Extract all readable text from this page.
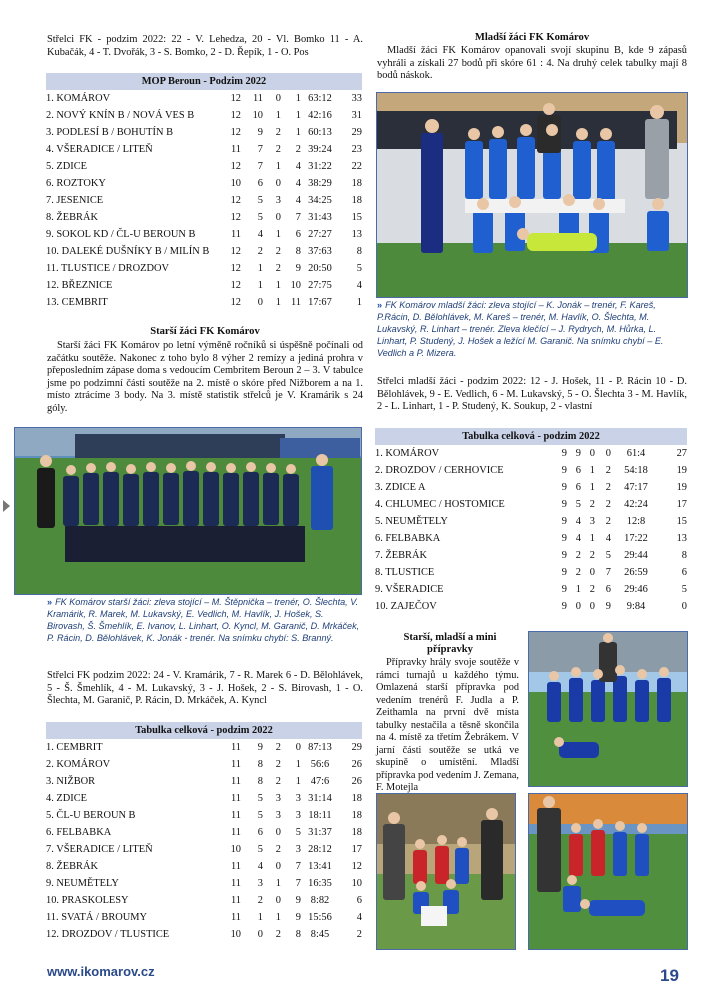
Střelci FK - podzim 2022: 22 - V. Lehedza, 20 - Vl. Bomko 11 - A. Kubačák, 4 - T. Dvořák, 3 - S. Bomko, 2 - D. Řepík, 1 - O. Pos
MOP Beroun - Podzim 2022						
1. KOMÁROV	12	11	0	1	63:12	33
2. NOVÝ KNÍN B / NOVÁ VES B	12	10	1	1	42:16	31
3. PODLESÍ B / BOHUTÍN B	12	9	2	1	60:13	29
4. VŠERADICE / LITEŇ	11	7	2	2	39:24	23
5. ZDICE	12	7	1	4	31:22	22
6. ROZTOKY	10	6	0	4	38:29	18
7. JESENICE	12	5	3	4	34:25	18
8. ŽEBRÁK	12	5	0	7	31:43	15
9. SOKOL KD / ČL-U BEROUN B	11	4	1	6	27:27	13
10. DALEKÉ DUŠNÍKY B / MILÍN B	12	2	2	8	37:63	8
11. TLUSTICE / DROZDOV	12	1	2	9	20:50	5
12. BŘEZNICE	12	1	1	10	27:75	4
13. CEMBRIT	12	0	1	11	17:67	1
Starší žáci FK Komárov
Starší žáci FK Komárov po letní výměně ročníků si úspěšně počínali od začátku soutěže. Nakonec z toho bylo 8 výher 2 remízy a jediná prohra v přeposledním zápase doma s vedoucím Cembritem Beroun 2 – 3. V tabulce jsme po podzimní části soutěže na 2. místě o skóre před Nižborem a na 1. místo ztrácíme 3 body. Na 3. místě statistik střelců je V. Kramárik s 24 góly.
» FK Komárov starší žáci: zleva stojící – M. Štěpnička – trenér, O. Šlechta, V. Kramárik, R. Marek, M. Lukavský, E. Vedlich, M. Havlík, J. Hošek, S. Birovash, Š. Šmehlík, E. Ivanov, L. Linhart, O. Kyncl, M. Garanič, D. Mrkáček, P. Rácin, D. Bělohlávek, K. Jonák - trenér. Na snímku chybí: S. Branný.
Střelci FK podzim 2022: 24 - V. Kramárik, 7 - R. Marek 6 - D. Bělohlávek, 5 - Š. Šmehlík, 4 - M. Lukavský, 3 - J. Hošek, 2 - S. Birovash, 1 - O. Šlechta, M. Garanič, P. Rácin, D. Mrkáček, A. Kyncl
Tabulka celková - podzim 2022						
1. CEMBRIT	11	9	2	0	87:13	29
2. KOMÁROV	11	8	2	1	56:6	26
3. NIŽBOR	11	8	2	1	47:6	26
4. ZDICE	11	5	3	3	31:14	18
5. ČL-U BEROUN B	11	5	3	3	18:11	18
6. FELBABKA	11	6	0	5	31:37	18
7. VŠERADICE / LITEŇ	10	5	2	3	28:12	17
8. ŽEBRÁK	11	4	0	7	13:41	12
9. NEUMĚTELY	11	3	1	7	16:35	10
10. PRASKOLESY	11	2	0	9	8:82	6
11. SVATÁ / BROUMY	11	1	1	9	15:56	4
12. DROZDOV / TLUSTICE	10	0	2	8	8:45	2
Mladší žáci FK Komárov
Mladší žáci FK Komárov opanovali svojí skupinu B, kde 9 zápasů vyhráli a získali 27 bodů při skóre 61 : 4. Na druhý celek tabulky mají 8 bodů náskok.
» FK Komárov mladší žáci: zleva stojící – K. Jonák – trenér, F. Kareš, P.Rácin, D. Bělohlávek, M. Kareš – trenér, M. Havlík, O. Šlechta, M. Lukavský, R. Linhart – trenér. Zleva klečící – J. Rydrych, M. Hůrka, L. Linhart, P. Studený, J. Hošek a ležící M. Garanič. Na snímku chybí – E. Vedlich a P. Mizera.
Střelci mladší žáci - podzim 2022: 12 - J. Hošek, 11 - P. Rácin 10 - D. Bělohlávek, 9 - E. Vedlich, 6 - M. Lukavský, 5 - O. Šlechta 3 - M. Havlík, 2 - L. Linhart, 1 - P. Studený, K. Soukup, 2 - vlastní
Tabulka celková - podzim 2022						
1. KOMÁROV	9	9	0	0	61:4	27
2. DROZDOV / CERHOVICE	9	6	1	2	54:18	19
3. ZDICE A	9	6	1	2	47:17	19
4. CHLUMEC / HOSTOMICE	9	5	2	2	42:24	17
5. NEUMĚTELY	9	4	3	2	12:8	15
6. FELBABKA	9	4	1	4	17:22	13
7. ŽEBRÁK	9	2	2	5	29:44	8
8. TLUSTICE	9	2	0	7	26:59	6
9. VŠERADICE	9	1	2	6	29:46	5
10. ZAJEČOV	9	0	0	9	9:84	0
Starší, mladší a mini přípravky
Přípravky hrály svoje soutěže v rámci turnajů u každého týmu. Omlazená starší přípravka pod vedením trenérů F. Judla a P. Zeithamla na první dvě místa tabulky nestačila a těsně skončila na 4. místě za třetím Žebrákem. V jarní části soutěže se utká ve skupině o umístění. Mladší přípravka pod vedením J. Zemana, F. Motejla
www.ikomarov.cz	19
